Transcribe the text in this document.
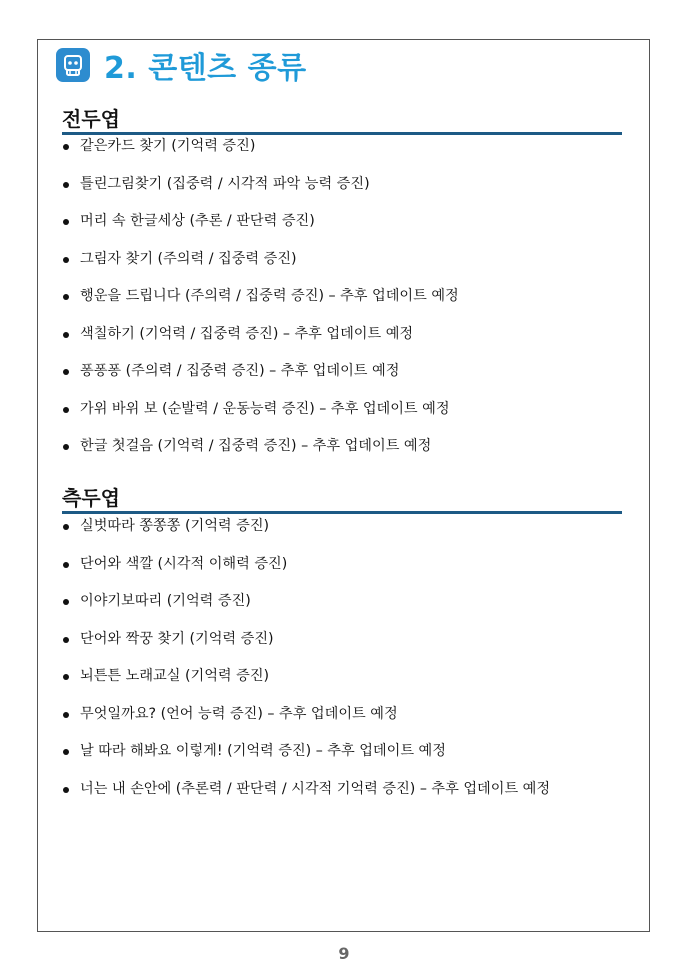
2. 콘텐츠 종류
전두엽
같은카드 찾기 (기억력 증진)
틀린그림찾기 (집중력 / 시각적 파악 능력 증진)
머리 속 한글세상 (추론 / 판단력 증진)
그림자 찾기 (주의력 / 집중력 증진)
행운을 드립니다 (주의력 / 집중력 증진) – 추후 업데이트 예정
색칠하기 (기억력 / 집중력 증진) – 추후 업데이트 예정
퐁퐁퐁 (주의력 / 집중력 증진) – 추후 업데이트 예정
가위 바위 보 (순발력 / 운동능력 증진) – 추후 업데이트 예정
한글 첫걸음 (기억력 / 집중력 증진) – 추후 업데이트 예정
측두엽
실벗따라 쫑쫑쫑 (기억력 증진)
단어와 색깔 (시각적 이해력 증진)
이야기보따리 (기억력 증진)
단어와 짝꿍 찾기 (기억력 증진)
뇌튼튼 노래교실 (기억력 증진)
무엇일까요? (언어 능력 증진) – 추후 업데이트 예정
날 따라 해봐요 이렇게! (기억력 증진) – 추후 업데이트 예정
너는 내 손안에 (추론력 / 판단력 / 시각적 기억력 증진) – 추후 업데이트 예정
9
